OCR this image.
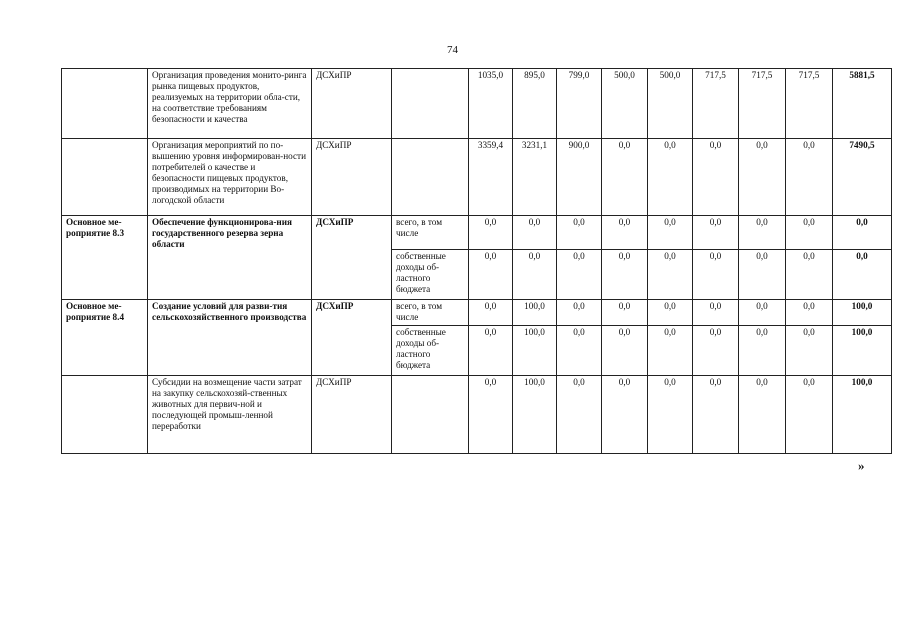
74
	Организация проведения монито-ринга рынка пищевых продуктов, реализуемых на территории обла-сти, на соответствие требованиям безопасности и качества	ДСХиПР		1035,0	895,0	799,0	500,0	500,0	717,5	717,5	717,5	5881,5
	Организация мероприятий по по-вышению уровня информирован-ности потребителей о качестве и безопасности пищевых продуктов, производимых на территории Во-логодской области	ДСХиПР		3359,4	3231,1	900,0	0,0	0,0	0,0	0,0	0,0	7490,5
Основное ме-роприятие 8.3	Обеспечение функционирова-ния государственного резерва зерна области	ДСХиПР	всего, в том числе	0,0	0,0	0,0	0,0	0,0	0,0	0,0	0,0	0,0
			собственные доходы об-ластного бюджета	0,0	0,0	0,0	0,0	0,0	0,0	0,0	0,0	0,0
Основное ме-роприятие 8.4	Создание условий для разви-тия сельскохозяйственного производства	ДСХиПР	всего, в том числе	0,0	100,0	0,0	0,0	0,0	0,0	0,0	0,0	100,0
			собственные доходы об-ластного бюджета	0,0	100,0	0,0	0,0	0,0	0,0	0,0	0,0	100,0
	Субсидии на возмещение части затрат на закупку сельскохозяй-ственных животных для первич-ной и последующей промыш-ленной переработки	ДСХиПР		0,0	100,0	0,0	0,0	0,0	0,0	0,0	0,0	100,0
»
